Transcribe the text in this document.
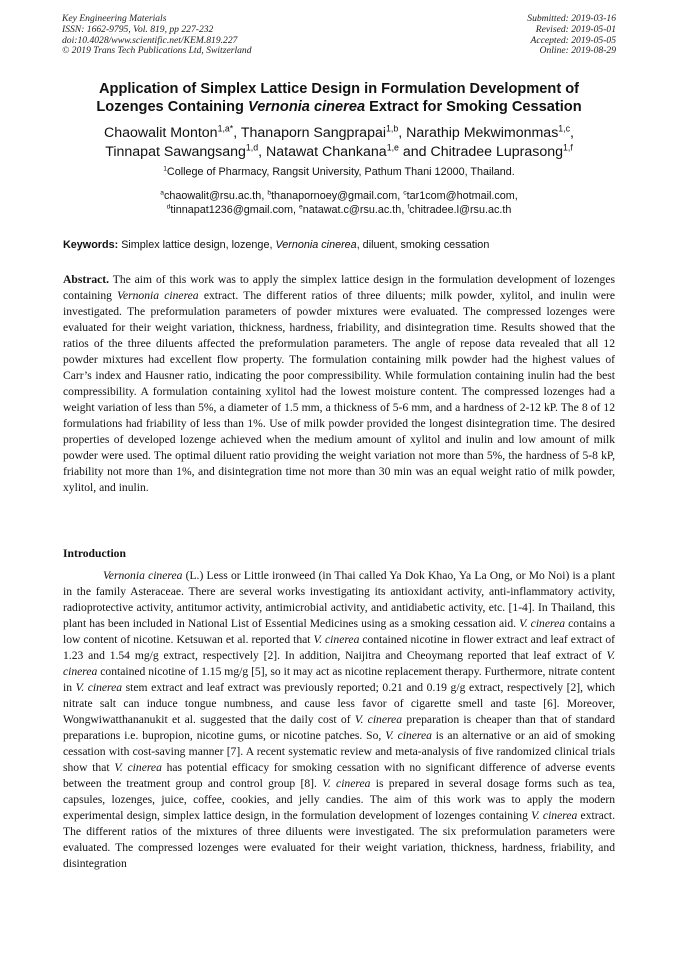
Key Engineering Materials
ISSN: 1662-9795, Vol. 819, pp 227-232
doi:10.4028/www.scientific.net/KEM.819.227
© 2019 Trans Tech Publications Ltd, Switzerland
Submitted: 2019-03-16
Revised: 2019-05-01
Accepted: 2019-05-05
Online: 2019-08-29
Application of Simplex Lattice Design in Formulation Development of
Lozenges Containing Vernonia cinerea Extract for Smoking Cessation
Chaowalit Monton$^{1,a*}$, Thanaporn Sangprapai$^{1,b}$, Narathip Mekwimonmas$^{1,c}$,
Tinnapat Sawangsang$^{1,d}$, Natawat Chankana$^{1,e}$ and Chitradee Luprasong$^{1,f}$
$^1$College of Pharmacy, Rangsit University, Pathum Thani 12000, Thailand.
$^a$chaowalit@rsu.ac.th, $^b$thanapornoey@gmail.com, $^c$tar1com@hotmail.com,
$^d$tinnapat1236@gmail.com, $^e$natawat.c@rsu.ac.th, $^f$chitradee.l@rsu.ac.th
Keywords: Simplex lattice design, lozenge, Vernonia cinerea, diluent, smoking cessation
Abstract. The aim of this work was to apply the simplex lattice design in the formulation development of lozenges containing Vernonia cinerea extract. The different ratios of three diluents; milk powder, xylitol, and inulin were investigated. The preformulation parameters of powder mixtures were evaluated. The compressed lozenges were evaluated for their weight variation, thickness, hardness, friability, and disintegration time. Results showed that the ratios of the three diluents affected the preformulation parameters. The angle of repose data revealed that all 12 powder mixtures had excellent flow property. The formulation containing milk powder had the highest values of Carr’s index and Hausner ratio, indicating the poor compressibility. While formulation containing inulin had the best compressibility. A formulation containing xylitol had the lowest moisture content. The compressed lozenges had a weight variation of less than 5%, a diameter of 1.5 mm, a thickness of 5-6 mm, and a hardness of 2-12 kP. The 8 of 12 formulations had friability of less than 1%. Use of milk powder provided the longest disintegration time. The desired properties of developed lozenge achieved when the medium amount of xylitol and inulin and low amount of milk powder were used. The optimal diluent ratio providing the weight variation not more than 5%, the hardness of 5-8 kP, friability not more than 1%, and disintegration time not more than 30 min was an equal weight ratio of milk powder, xylitol, and inulin.
Introduction
Vernonia cinerea (L.) Less or Little ironweed (in Thai called Ya Dok Khao, Ya La Ong, or Mo Noi) is a plant in the family Asteraceae. There are several works investigating its antioxidant activity, anti-inflammatory activity, radioprotective activity, antitumor activity, antimicrobial activity, and antidiabetic activity, etc. [1-4]. In Thailand, this plant has been included in National List of Essential Medicines using as a smoking cessation aid. V. cinerea contains a low content of nicotine. Ketsuwan et al. reported that V. cinerea contained nicotine in flower extract and leaf extract of 1.23 and 1.54 mg/g extract, respectively [2]. In addition, Naijitra and Cheoymang reported that leaf extract of V. cinerea contained nicotine of 1.15 mg/g [5], so it may act as nicotine replacement therapy. Furthermore, nitrate content in V. cinerea stem extract and leaf extract was previously reported; 0.21 and 0.19 g/g extract, respectively [2], which nitrate salt can induce tongue numbness, and cause less favor of cigarette smell and taste [6]. Moreover, Wongwiwatthananukit et al. suggested that the daily cost of V. cinerea preparation is cheaper than that of standard preparations i.e. bupropion, nicotine gums, or nicotine patches. So, V. cinerea is an alternative or an aid of smoking cessation with cost-saving manner [7]. A recent systematic review and meta-analysis of five randomized clinical trials show that V. cinerea has potential efficacy for smoking cessation with no significant difference of adverse events between the treatment group and control group [8]. V. cinerea is prepared in several dosage forms such as tea, capsules, lozenges, juice, coffee, cookies, and jelly candies. The aim of this work was to apply the modern experimental design, simplex lattice design, in the formulation development of lozenges containing V. cinerea extract. The different ratios of the mixtures of three diluents were investigated. The six preformulation parameters were evaluated. The compressed lozenges were evaluated for their weight variation, thickness, hardness, friability, and disintegration
